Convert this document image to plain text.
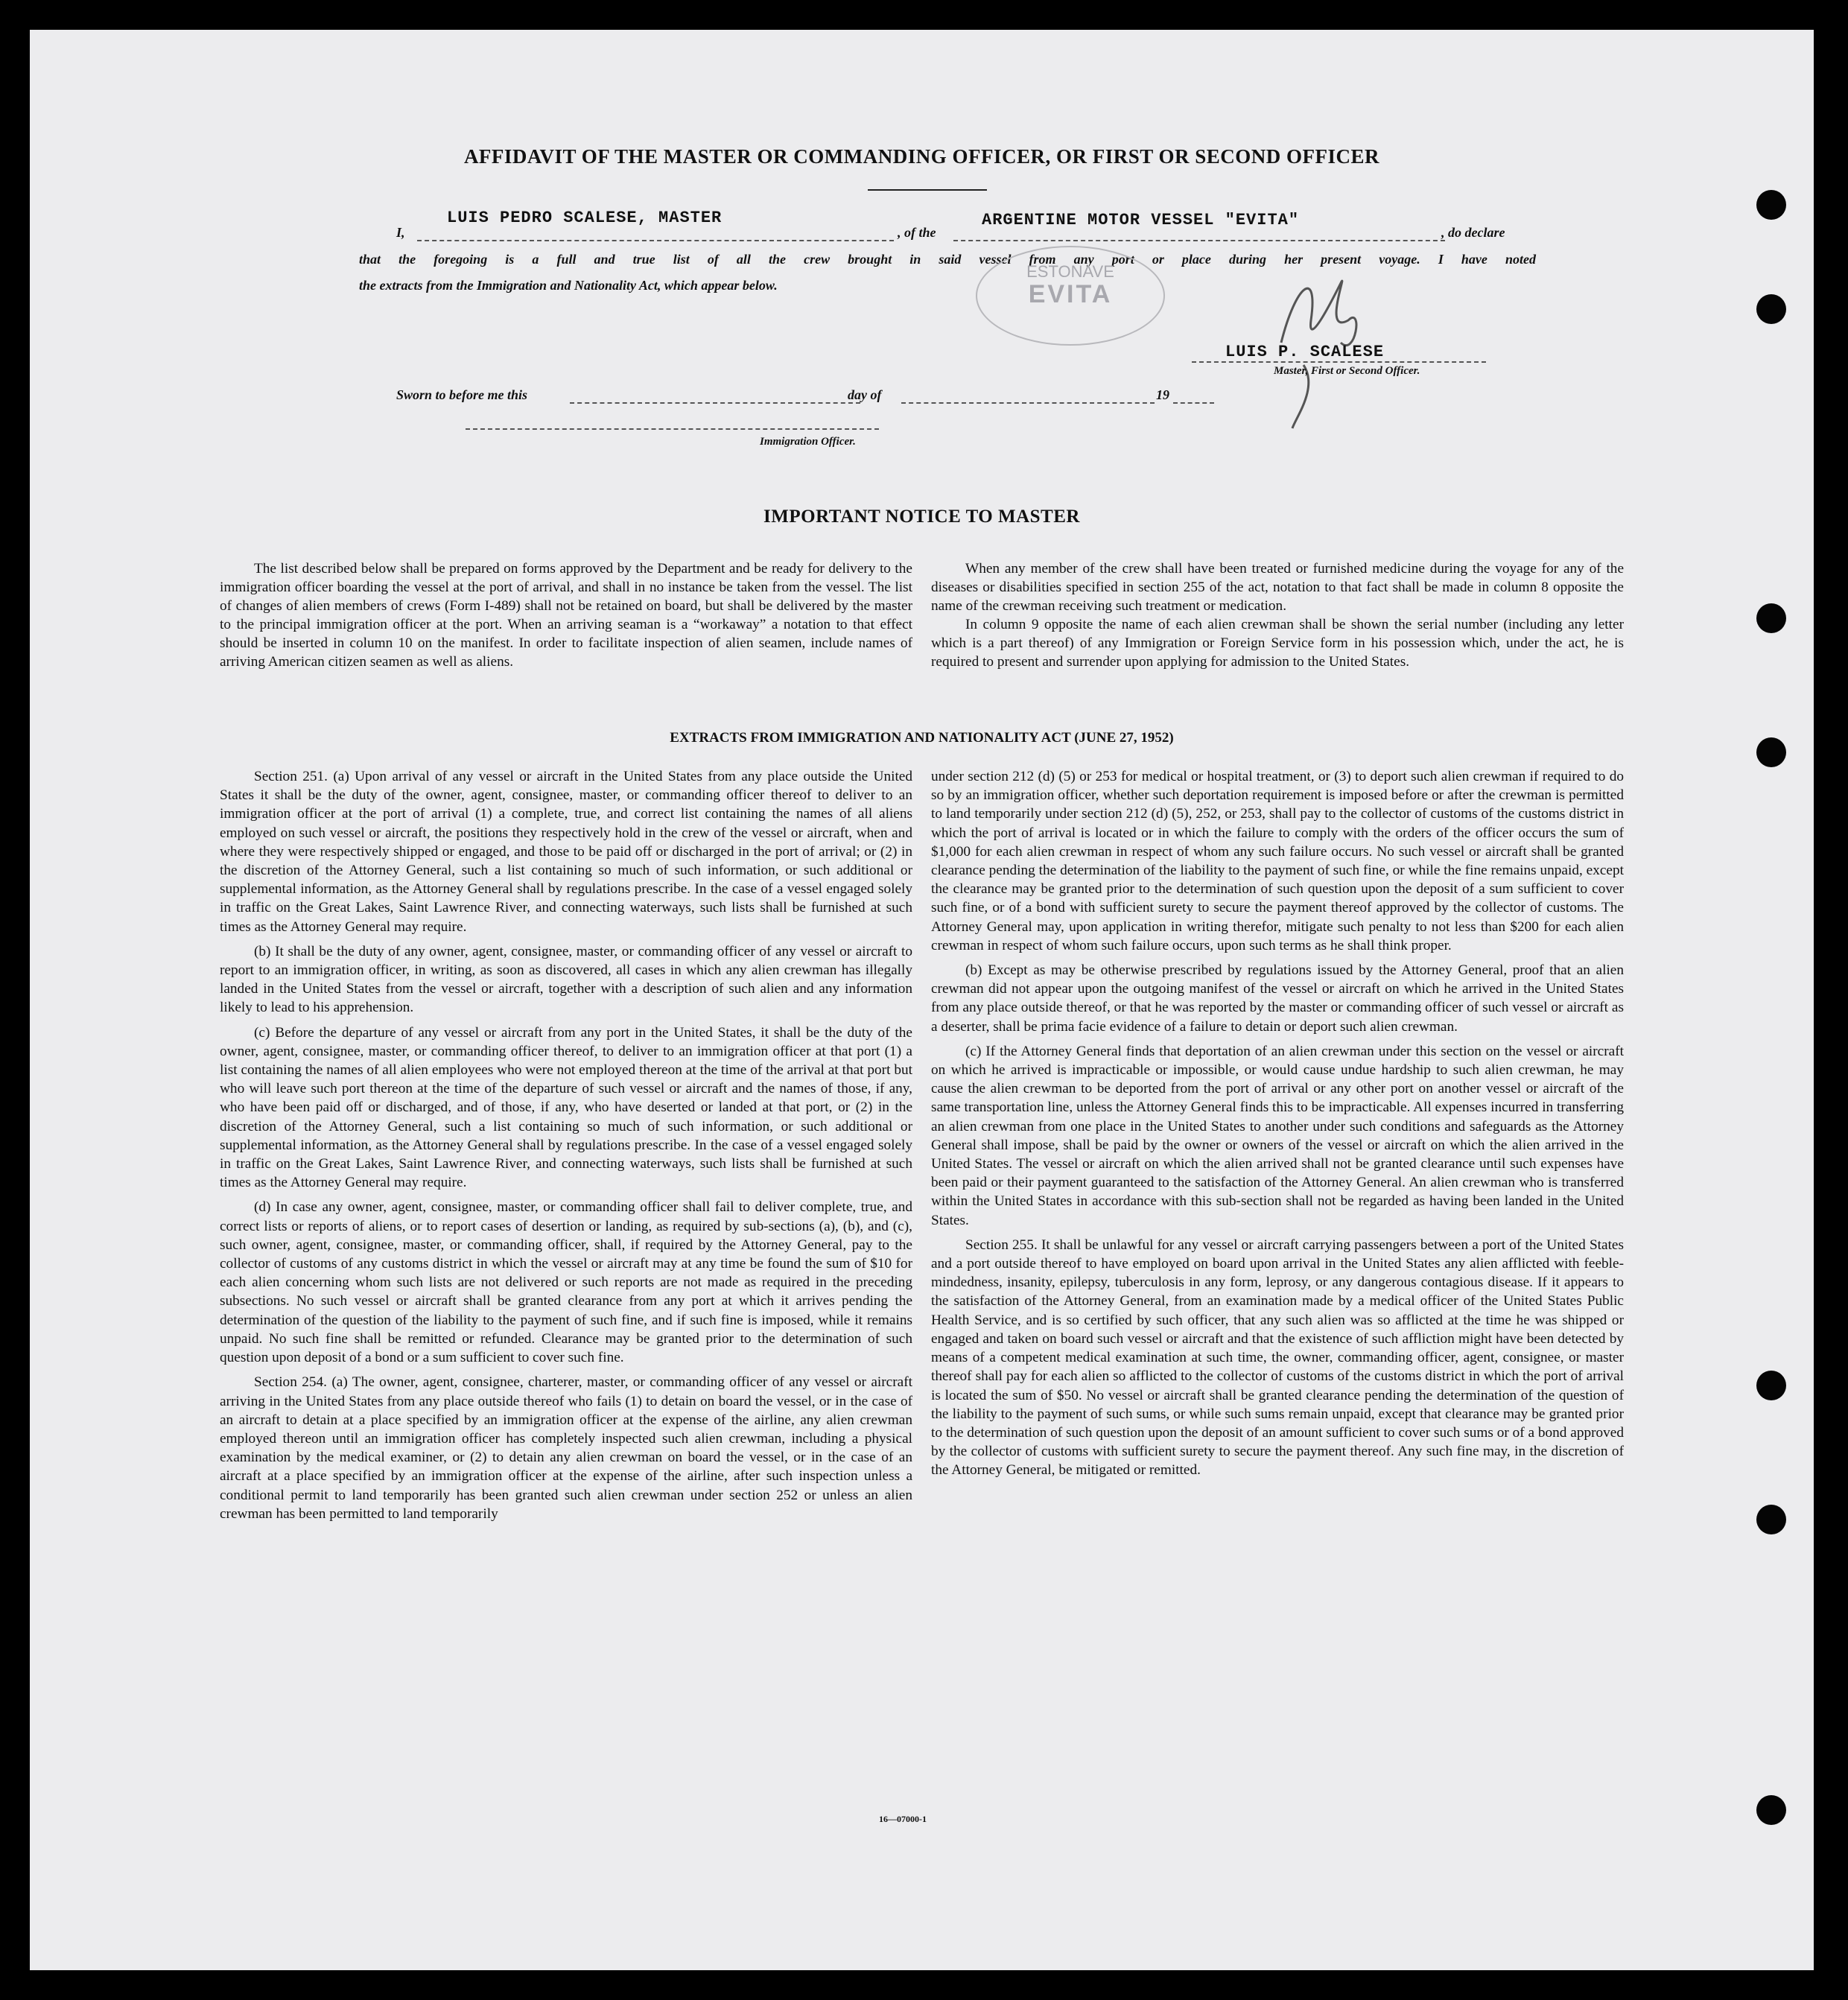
AFFIDAVIT OF THE MASTER OR COMMANDING OFFICER, OR FIRST OR SECOND OFFICER
LUIS PEDRO SCALESE, MASTER	ARGENTINE MOTOR VESSEL "EVITA"
I,	, of the	, do declare
that the foregoing is a full and true list of all the crew brought in said vessel from any port or place during her present voyage. I have noted
the extracts from the Immigration and Nationality Act, which appear below.
ESTONAVE
EVITA
LUIS P. SCALESE
Master, First or Second Officer.
Sworn to before me this	day of	19
Immigration Officer.
IMPORTANT NOTICE TO MASTER

The list described below shall be prepared on forms approved by the Department and be ready for delivery to the immigration officer boarding the vessel at the port of arrival, and shall in no instance be taken from the vessel. The list of changes of alien members of crews (Form I-489) shall not be retained on board, but shall be delivered by the master to the principal immigration officer at the port. When an arriving seaman is a “workaway” a notation to that effect should be inserted in column 10 on the manifest. In order to facilitate inspection of alien seamen, include names of arriving American citizen seamen as well as aliens.

When any member of the crew shall have been treated or furnished medicine during the voyage for any of the diseases or disabilities specified in section 255 of the act, notation to that fact shall be made in column 8 opposite the name of the crewman receiving such treatment or medication.

In column 9 opposite the name of each alien crewman shall be shown the serial number (including any letter which is a part thereof) of any Immigration or Foreign Service form in his possession which, under the act, he is required to present and surrender upon applying for admission to the United States.

EXTRACTS FROM IMMIGRATION AND NATIONALITY ACT (JUNE 27, 1952)

Section 251. (a) Upon arrival of any vessel or aircraft in the United States from any place outside the United States it shall be the duty of the owner, agent, consignee, master, or commanding officer thereof to deliver to an immigration officer at the port of arrival (1) a complete, true, and correct list containing the names of all aliens employed on such vessel or aircraft, the positions they respectively hold in the crew of the vessel or aircraft, when and where they were respectively shipped or engaged, and those to be paid off or discharged in the port of arrival; or (2) in the discretion of the Attorney General, such a list containing so much of such information, or such additional or supplemental information, as the Attorney General shall by regulations prescribe. In the case of a vessel engaged solely in traffic on the Great Lakes, Saint Lawrence River, and connecting waterways, such lists shall be furnished at such times as the Attorney General may require.

(b) It shall be the duty of any owner, agent, consignee, master, or commanding officer of any vessel or aircraft to report to an immigration officer, in writing, as soon as discovered, all cases in which any alien crewman has illegally landed in the United States from the vessel or aircraft, together with a description of such alien and any information likely to lead to his apprehension.

(c) Before the departure of any vessel or aircraft from any port in the United States, it shall be the duty of the owner, agent, consignee, master, or commanding officer thereof, to deliver to an immigration officer at that port (1) a list containing the names of all alien employees who were not employed thereon at the time of the arrival at that port but who will leave such port thereon at the time of the departure of such vessel or aircraft and the names of those, if any, who have been paid off or discharged, and of those, if any, who have deserted or landed at that port, or (2) in the discretion of the Attorney General, such a list containing so much of such information, or such additional or supplemental information, as the Attorney General shall by regulations prescribe. In the case of a vessel engaged solely in traffic on the Great Lakes, Saint Lawrence River, and connecting waterways, such lists shall be furnished at such times as the Attorney General may require.

(d) In case any owner, agent, consignee, master, or commanding officer shall fail to deliver complete, true, and correct lists or reports of aliens, or to report cases of desertion or landing, as required by sub-sections (a), (b), and (c), such owner, agent, consignee, master, or commanding officer, shall, if required by the Attorney General, pay to the collector of customs of any customs district in which the vessel or aircraft may at any time be found the sum of $10 for each alien concerning whom such lists are not delivered or such reports are not made as required in the preceding subsections. No such vessel or aircraft shall be granted clearance from any port at which it arrives pending the determination of the question of the liability to the payment of such fine, and if such fine is imposed, while it remains unpaid. No such fine shall be remitted or refunded. Clearance may be granted prior to the determination of such question upon deposit of a bond or a sum sufficient to cover such fine.

Section 254. (a) The owner, agent, consignee, charterer, master, or commanding officer of any vessel or aircraft arriving in the United States from any place outside thereof who fails (1) to detain on board the vessel, or in the case of an aircraft to detain at a place specified by an immigration officer at the expense of the airline, any alien crewman employed thereon until an immigration officer has completely inspected such alien crewman, including a physical examination by the medical examiner, or (2) to detain any alien crewman on board the vessel, or in the case of an aircraft at a place specified by an immigration officer at the expense of the airline, after such inspection unless a conditional permit to land temporarily has been granted such alien crewman under section 252 or unless an alien crewman has been permitted to land temporarily

under section 212 (d) (5) or 253 for medical or hospital treatment, or (3) to deport such alien crewman if required to do so by an immigration officer, whether such deportation requirement is imposed before or after the crewman is permitted to land temporarily under section 212 (d) (5), 252, or 253, shall pay to the collector of customs of the customs district in which the port of arrival is located or in which the failure to comply with the orders of the officer occurs the sum of $1,000 for each alien crewman in respect of whom any such failure occurs. No such vessel or aircraft shall be granted clearance pending the determination of the liability to the payment of such fine, or while the fine remains unpaid, except the clearance may be granted prior to the determination of such question upon the deposit of a sum sufficient to cover such fine, or of a bond with sufficient surety to secure the payment thereof approved by the collector of customs. The Attorney General may, upon application in writing therefor, mitigate such penalty to not less than $200 for each alien crewman in respect of whom such failure occurs, upon such terms as he shall think proper.

(b) Except as may be otherwise prescribed by regulations issued by the Attorney General, proof that an alien crewman did not appear upon the outgoing manifest of the vessel or aircraft on which he arrived in the United States from any place outside thereof, or that he was reported by the master or commanding officer of such vessel or aircraft as a deserter, shall be prima facie evidence of a failure to detain or deport such alien crewman.

(c) If the Attorney General finds that deportation of an alien crewman under this section on the vessel or aircraft on which he arrived is impracticable or impossible, or would cause undue hardship to such alien crewman, he may cause the alien crewman to be deported from the port of arrival or any other port on another vessel or aircraft of the same transportation line, unless the Attorney General finds this to be impracticable. All expenses incurred in transferring an alien crewman from one place in the United States to another under such conditions and safeguards as the Attorney General shall impose, shall be paid by the owner or owners of the vessel or aircraft on which the alien arrived in the United States. The vessel or aircraft on which the alien arrived shall not be granted clearance until such expenses have been paid or their payment guaranteed to the satisfaction of the Attorney General. An alien crewman who is transferred within the United States in accordance with this sub-section shall not be regarded as having been landed in the United States.

Section 255. It shall be unlawful for any vessel or aircraft carrying passengers between a port of the United States and a port outside thereof to have employed on board upon arrival in the United States any alien afflicted with feeble-mindedness, insanity, epilepsy, tuberculosis in any form, leprosy, or any dangerous contagious disease. If it appears to the satisfaction of the Attorney General, from an examination made by a medical officer of the United States Public Health Service, and is so certified by such officer, that any such alien was so afflicted at the time he was shipped or engaged and taken on board such vessel or aircraft and that the existence of such affliction might have been detected by means of a competent medical examination at such time, the owner, commanding officer, agent, consignee, or master thereof shall pay for each alien so afflicted to the collector of customs of the customs district in which the port of arrival is located the sum of $50. No vessel or aircraft shall be granted clearance pending the determination of the question of the liability to the payment of such sums, or while such sums remain unpaid, except that clearance may be granted prior to the determination of such question upon the deposit of an amount sufficient to cover such sums or of a bond approved by the collector of customs with sufficient surety to secure the payment thereof. Any such fine may, in the discretion of the Attorney General, be mitigated or remitted.

16—07000-1
